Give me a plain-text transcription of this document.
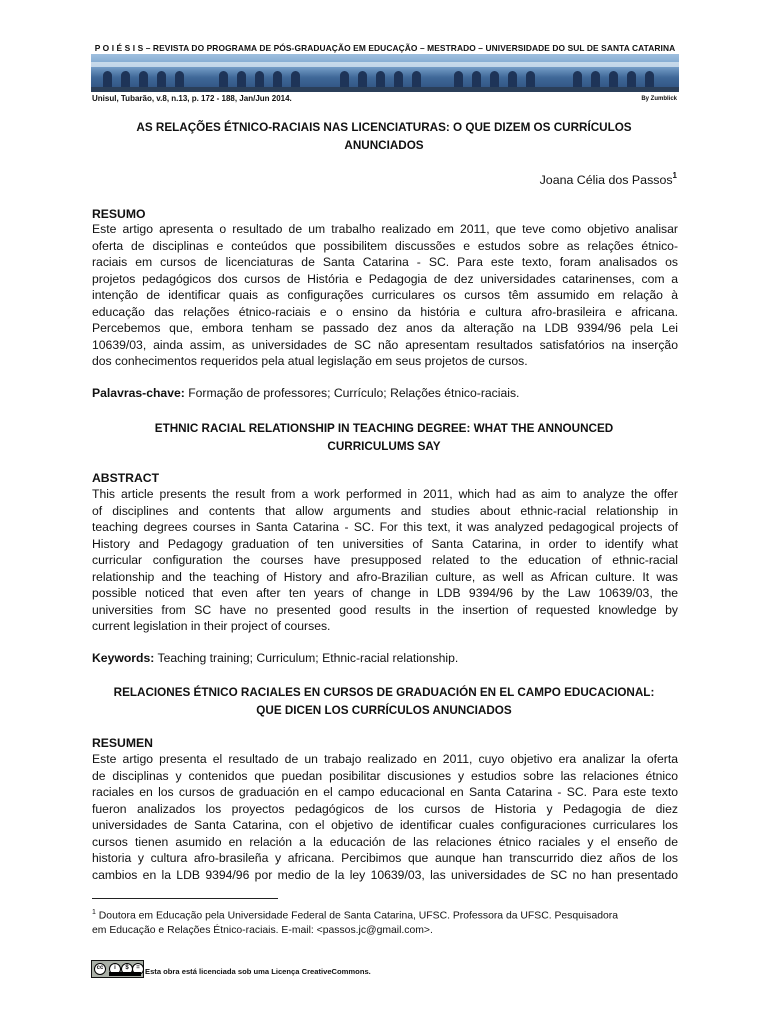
P O I É S I S – REVISTA DO PROGRAMA DE PÓS-GRADUAÇÃO EM EDUCAÇÃO – MESTRADO – UNIVERSIDADE DO SUL DE SANTA CATARINA
Unisul, Tubarão, v.8, n.13, p. 172 - 188, Jan/Jun 2014.	By Zumblick
AS RELAÇÕES ÉTNICO-RACIAIS NAS LICENCIATURAS: O QUE DIZEM OS CURRÍCULOS
ANUNCIADOS
Joana Célia dos Passos$^1$
RESUMO
Este artigo apresenta o resultado de um trabalho realizado em 2011, que teve como objetivo analisar
oferta de disciplinas e conteúdos que possibilitem discussões e estudos sobre as relações étnico-
raciais em cursos de licenciaturas de Santa Catarina - SC. Para este texto, foram analisados os
projetos pedagógicos dos cursos de História e Pedagogia de dez universidades catarinenses, com a
intenção de identificar quais as configurações curriculares os cursos têm assumido em relação à
educação das relações étnico-raciais e o ensino da história e cultura afro-brasileira e africana.
Percebemos que, embora tenham se passado dez anos da alteração na LDB 9394/96 pela Lei
10639/03, ainda assim, as universidades de SC não apresentam resultados satisfatórios na inserção
dos conhecimentos requeridos pela atual legislação em seus projetos de cursos.
Palavras-chave: Formação de professores; Currículo; Relações étnico-raciais.
ETHNIC RACIAL RELATIONSHIP IN TEACHING DEGREE: WHAT THE ANNOUNCED
CURRICULUMS SAY
ABSTRACT
This article presents the result from a work performed in 2011, which had as aim to analyze the offer
of disciplines and contents that allow arguments and studies about ethnic-racial relationship in
teaching degrees courses in Santa Catarina - SC. For this text, it was analyzed pedagogical projects of
History and Pedagogy graduation of ten universities of Santa Catarina, in order to identify what
curricular configuration the courses have presupposed related to the education of ethnic-racial
relationship and the teaching of History and afro-Brazilian culture, as well as African culture. It was
possible noticed that even after ten years of change in LDB 9394/96 by the Law 10639/03, the
universities from SC have no presented good results in the insertion of requested knowledge by
current legislation in their project of courses.
Keywords: Teaching training; Curriculum; Ethnic-racial relationship.
RELACIONES ÉTNICO RACIALES EN CURSOS DE GRADUACIÓN EN EL CAMPO EDUCACIONAL:
QUE DICEN LOS CURRÍCULOS ANUNCIADOS
RESUMEN
Este artigo presenta el resultado de un trabajo realizado en 2011, cuyo objetivo era analizar la oferta
de disciplinas y contenidos que puedan posibilitar discusiones y estudios sobre las relaciones étnico
raciales en los cursos de graduación en el campo educacional en Santa Catarina - SC. Para este texto
fueron analizados los proyectos pedagógicos de los cursos de Historia y Pedagogia de diez
universidades de Santa Catarina, con el objetivo de identificar cuales configuraciones curriculares los
cursos tienen asumido en relación a la educación de las relaciones étnico raciales y el enseño de
historia y cultura afro-brasileña y africana. Percibimos que aunque han transcurrido diez años de los
cambios en la LDB 9394/96 por medio de la ley 10639/03, las universidades de SC no han presentado
$^1$ Doutora em Educação pela Universidade Federal de Santa Catarina, UFSC. Professora da UFSC. Pesquisadora
em Educação e Relações Étnico-raciais. E-mail: <passos.jc@gmail.com>.
cc	i	$	= Esta obra está licenciada sob uma Licença CreativeCommons.
